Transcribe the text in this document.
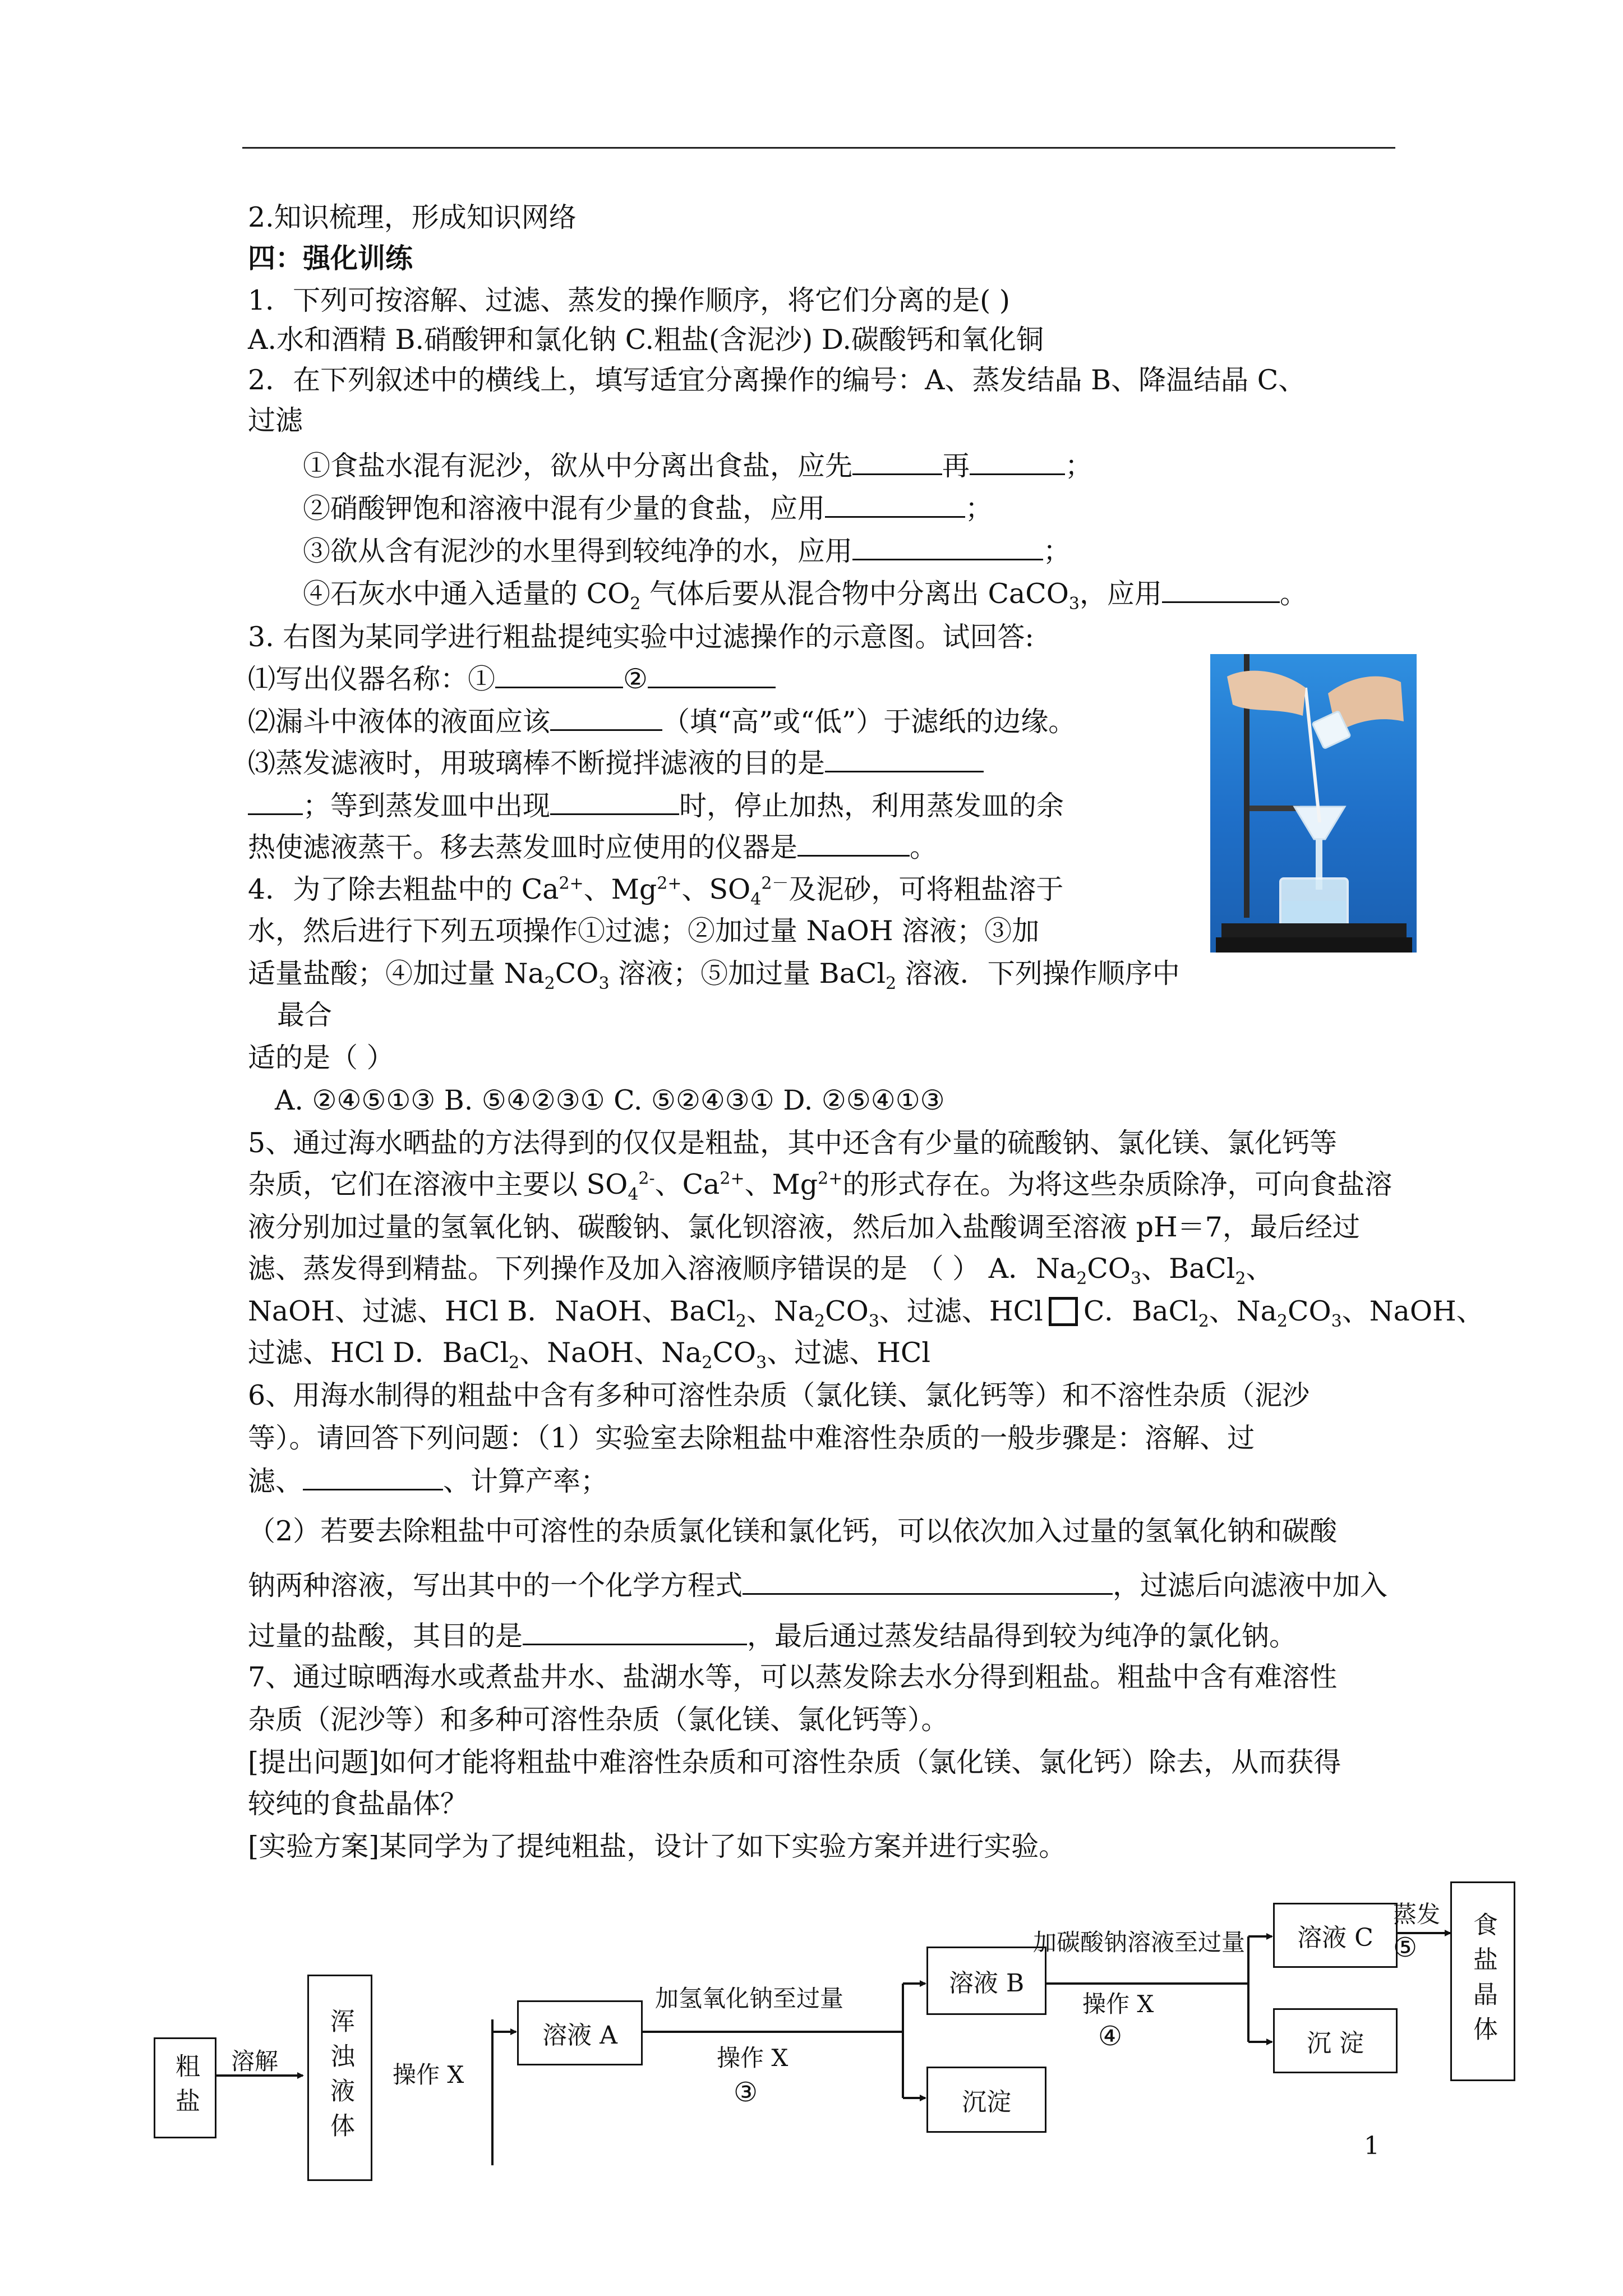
2.知识梳理，形成知识网络
四：强化训练
1．下列可按溶解、过滤、蒸发的操作顺序，将它们分离的是( )
A.水和酒精 B.硝酸钾和氯化钠 C.粗盐(含泥沙) D.碳酸钙和氧化铜
2．在下列叙述中的横线上，填写适宜分离操作的编号：A、蒸发结晶 B、降温结晶 C、
过滤
①食盐水混有泥沙，欲从中分离出食盐，应先	再	；
②硝酸钾饱和溶液中混有少量的食盐，应用	；
③欲从含有泥沙的水里得到较纯净的水，应用	；
④石灰水中通入适量的 $CO_2$ 气体后要从混合物中分离出 CaCO$_3$，应用	。
3. 右图为某同学进行粗盐提纯实验中过滤操作的示意图。试回答:
⑴写出仪器名称：①	②
⑵漏斗中液体的液面应该	（填“高”或“低”）于滤纸的边缘。
⑶蒸发滤液时，用玻璃棒不断搅拌滤液的目的是
；等到蒸发皿中出现	时，停止加热，利用蒸发皿的余
热使滤液蒸干。移去蒸发皿时应使用的仪器是	。
4．为了除去粗盐中的 $Ca^{2+}$、$Mg^{2+}$、$SO_4^{2-}$及泥砂，可将粗盐溶于
水，然后进行下列五项操作①过滤；②加过量 NaOH 溶液；③加
适量盐酸；④加过量 $Na_2CO_3$ 溶液；⑤加过量 BaCl$_2$ 溶液．下列操作顺序中
最合
适的是（ ）
A. ②④⑤①③ B. ⑤④②③① C. ⑤②④③① D. ②⑤④①③
5、通过海水晒盐的方法得到的仅仅是粗盐，其中还含有少量的硫酸钠、氯化镁、氯化钙等
杂质，它们在溶液中主要以 $SO_4^{2-}$、$Ca^{2+}$、$Mg^{2+}$的形式存在。为将这些杂质除净，可向食盐溶
液分别加过量的氢氧化钠、碳酸钠、氯化钡溶液，然后加入盐酸调至溶液 pH＝7，最后经过
滤、蒸发得到精盐。下列操作及加入溶液顺序错误的是 （ ） A．$Na_2CO_3$、BaCl$_2$、
NaOH、过滤、HCl B．NaOH、BaCl$_2$、$Na_2CO_3$、过滤、HCl C．BaCl$_2$、$Na_2CO_3$、NaOH、
过滤、HCl D．BaCl$_2$、NaOH、$Na_2CO_3$、过滤、HCl
6、用海水制得的粗盐中含有多种可溶性杂质（氯化镁、氯化钙等）和不溶性杂质（泥沙
等）。请回答下列问题：（1）实验室去除粗盐中难溶性杂质的一般步骤是：溶解、过
滤、	、计算产率；
（2）若要去除粗盐中可溶性的杂质氯化镁和氯化钙，可以依次加入过量的氢氧化钠和碳酸
钠两种溶液，写出其中的一个化学方程式	，过滤后向滤液中加入
过量的盐酸，其目的是	，最后通过蒸发结晶得到较为纯净的氯化钠。
7、通过晾晒海水或煮盐井水、盐湖水等，可以蒸发除去水分得到粗盐。粗盐中含有难溶性
杂质（泥沙等）和多种可溶性杂质（氯化镁、氯化钙等）。
[提出问题]如何才能将粗盐中难溶性杂质和可溶性杂质（氯化镁、氯化钙）除去，从而获得
较纯的食盐晶体？
[实验方案]某同学为了提纯粗盐，设计了如下实验方案并进行实验。
粗盐 溶解 浑浊液体 操作 X
溶液 A
加氢氧化钠至过量
操作 X
③
溶液 B
沉淀
加碳酸钠溶液至过量
操作 X
④
溶液 C
沉 淀
蒸发
⑤ 食盐晶体
1
